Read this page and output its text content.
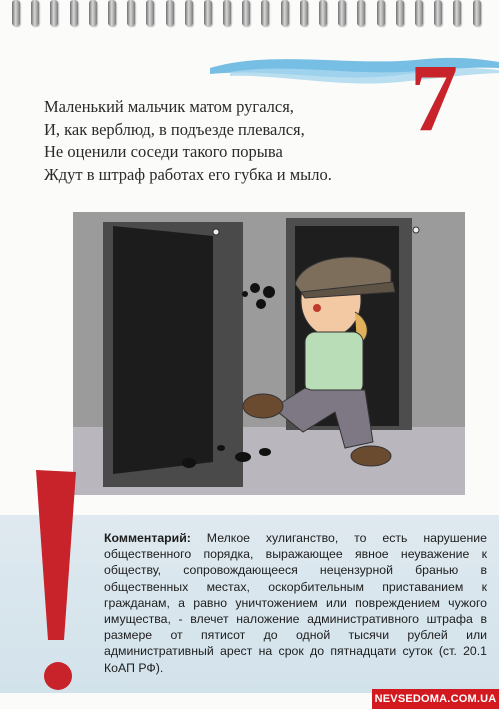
7
Маленький мальчик матом ругался,
И, как верблюд, в подъезде плевался,
Не оценили соседи такого порыва
Ждут в штраф работах его губка и мыло.
Комментарий: Мелкое хулиганство, то есть нарушение общественного порядка, выражающее явное неуважение к обществу, сопровождающееся нецензурной бранью в общественных местах, оскорбительным приставанием к гражданам, а равно уничтожением или повреждением чужого имущества, - влечет наложение административного штрафа в размере от пятисот до одной тысячи рублей или административный арест на срок до пятнадцати суток (ст. 20.1 КоАП РФ).
NEVSEDOMA.COM.UA
